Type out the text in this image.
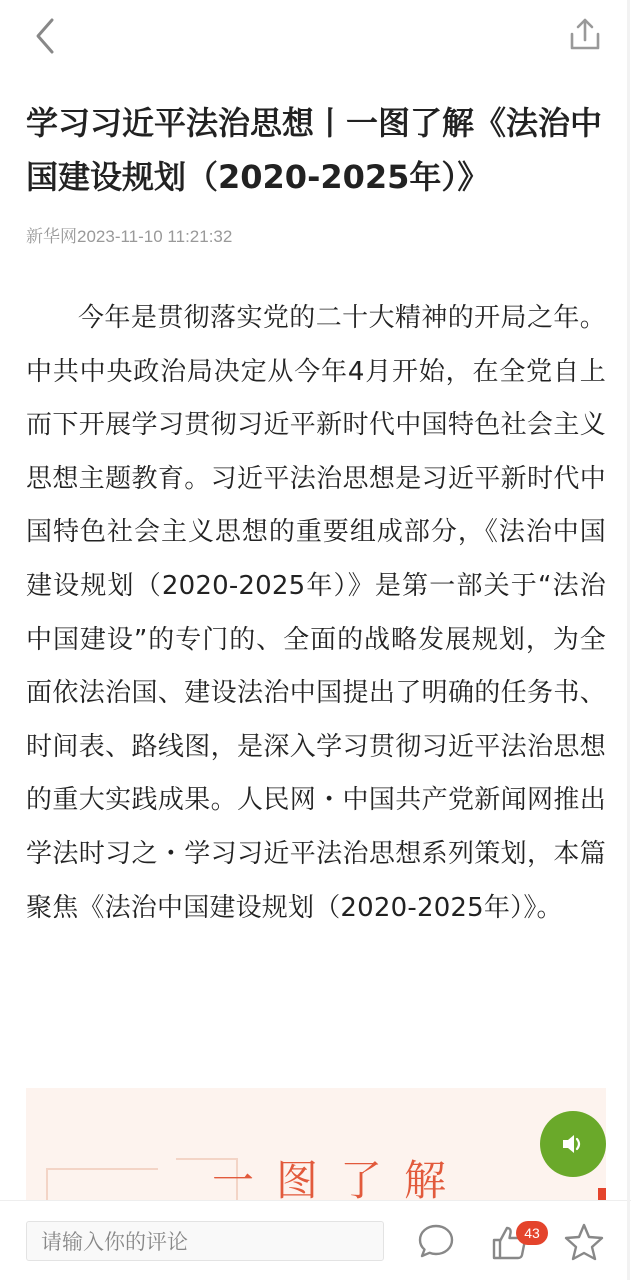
学习习近平法治思想丨一图了解《法治中国建设规划（2020-2025年）》
新华网2023-11-10 11:21:32

今年是贯彻落实党的二十大精神的开局之年。中共中央政治局决定从今年4月开始，在全党自上而下开展学习贯彻习近平新时代中国特色社会主义思想主题教育。习近平法治思想是习近平新时代中国特色社会主义思想的重要组成部分，《法治中国建设规划（2020-2025年）》是第一部关于“法治中国建设”的专门的、全面的战略发展规划，为全面依法治国、建设法治中国提出了明确的任务书、时间表、路线图，是深入学习贯彻习近平法治思想的重大实践成果。人民网・中国共产党新闻网推出学法时习之・学习习近平法治思想系列策划，本篇聚焦《法治中国建设规划（2020-2025年）》。

一图了解
请输入你的评论	43
